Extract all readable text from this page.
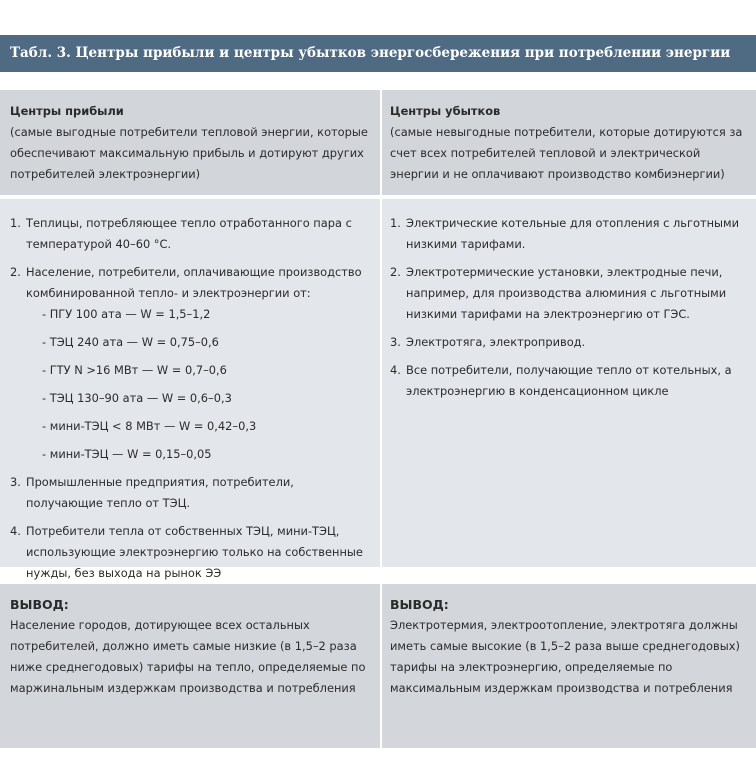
Табл. 3. Центры прибыли и центры убытков энергосбережения при потреблении энергии
Центры прибыли
(самые выгодные потребители тепловой энергии, которые обеспечивают максимальную прибыль и дотируют других потребителей электроэнергии)
Центры убытков
(самые невыгодные потребители, которые дотируются за счет всех потребителей тепловой и электрической энергии и не оплачивают производство комбиэнергии)
1. Теплицы, потребляющее тепло отработанного пара с температурой 40–60 °С.
2. Население, потребители, оплачивающие производство комбинированной тепло- и электроэнергии от:
- ПГУ 100 ата — W = 1,5–1,2
- ТЭЦ 240 ата — W = 0,75–0,6
- ГТУ N >16 МВт — W = 0,7–0,6
- ТЭЦ 130–90 ата — W = 0,6–0,3
- мини-ТЭЦ < 8 МВт — W = 0,42–0,3
- мини-ТЭЦ — W = 0,15–0,05
3. Промышленные предприятия, потребители, получающие тепло от ТЭЦ.
4. Потребители тепла от собственных ТЭЦ, мини-ТЭЦ, использующие электроэнергию только на собственные нужды, без выхода на рынок ЭЭ
1. Электрические котельные для отопления с льготными низкими тарифами.
2. Электротермические установки, электродные печи, например, для производства алюминия с льготными низкими тарифами на электроэнергию от ГЭС.
3. Электротяга, электропривод.
4. Все потребители, получающие тепло от котельных, а электроэнергию в конденсационном цикле
ВЫВОД:
Население городов, дотирующее всех остальных потребителей, должно иметь самые низкие (в 1,5–2 раза ниже среднегодовых) тарифы на тепло, определяемые по маржинальным издержкам производства и потребления
ВЫВОД:
Электротермия, электроотопление, электротяга должны иметь самые высокие (в 1,5–2 раза выше среднегодовых) тарифы на электроэнергию, определяемые по максимальным издержкам производства и потребления
